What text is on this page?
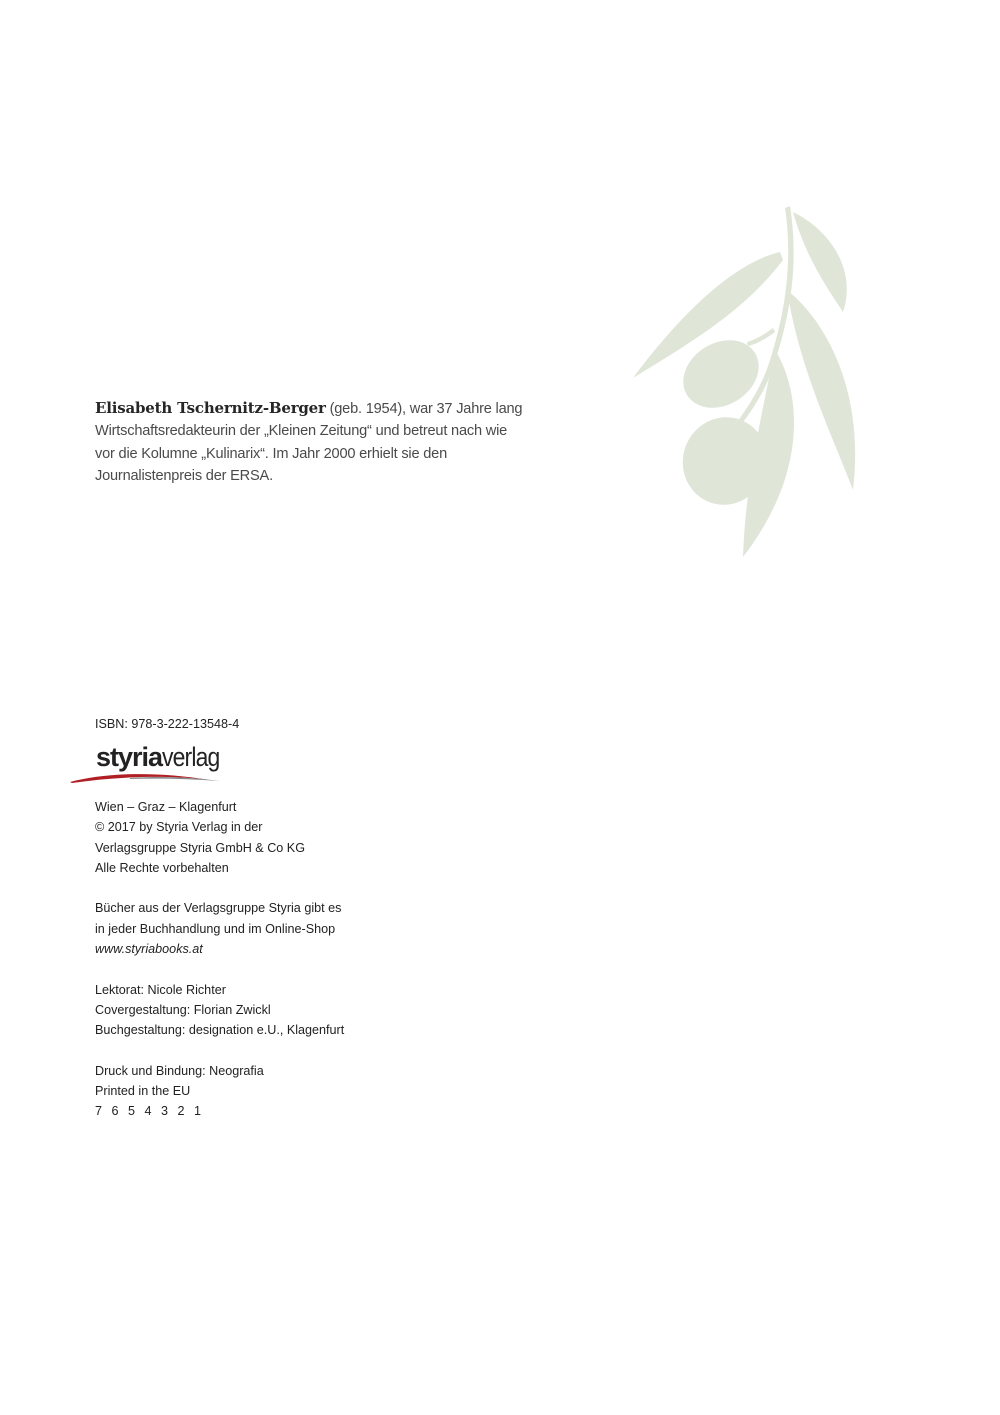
Elisabeth Tschernitz-Berger (geb. 1954), war 37 Jahre lang Wirtschaftsredakteurin der „Kleinen Zeitung“ und betreut nach wie vor die Kolumne „Kulinarix“. Im Jahr 2000 erhielt sie den Journalistenpreis der ERSA.

ISBN: 978-3-222-13548-4

styriaverlag
Wien – Graz – Klagenfurt
© 2017 by Styria Verlag in der
Verlagsgruppe Styria GmbH & Co KG
Alle Rechte vorbehalten
Bücher aus der Verlagsgruppe Styria gibt es
in jeder Buchhandlung und im Online-Shop
www.styriabooks.at
Lektorat: Nicole Richter
Covergestaltung: Florian Zwickl
Buchgestaltung: designation e.U., Klagenfurt
Druck und Bindung: Neografia
Printed in the EU
7 6 5 4 3 2 1
